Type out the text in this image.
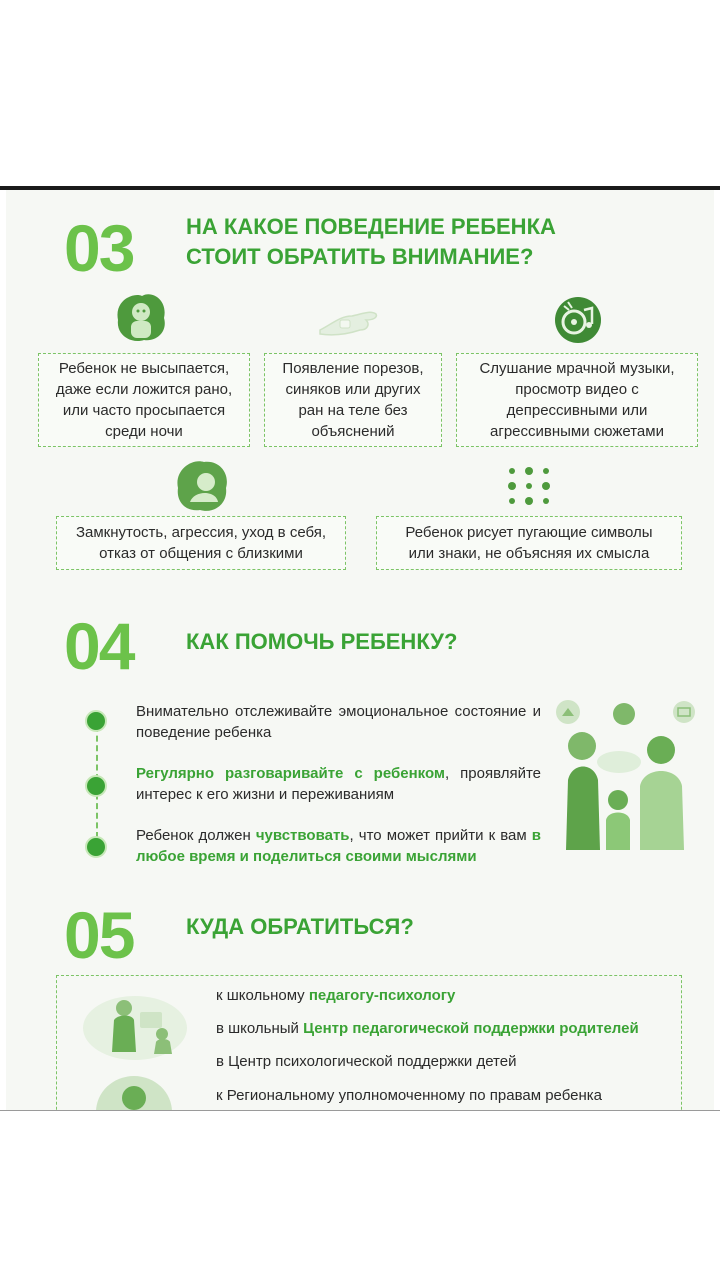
03 НА КАКОЕ ПОВЕДЕНИЕ РЕБЕНКА
СТОИТ ОБРАТИТЬ ВНИМАНИЕ?
Ребенок не высыпается,
даже если ложится рано,
или часто просыпается
среди ночи
Появление порезов,
синяков или других
ран на теле без
объяснений
Слушание мрачной музыки,
просмотр видео с
депрессивными или
агрессивными сюжетами
Замкнутость, агрессия, уход в себя,
отказ от общения с близкими
Ребенок рисует пугающие символы
или знаки, не объясняя их смысла
04 КАК ПОМОЧЬ РЕБЕНКУ?
Внимательно отслеживайте эмоциональное состояние и поведение ребенка
Регулярно разговаривайте с ребенком, проявляйте интерес к его жизни и переживаниям
Ребенок должен чувствовать, что может прийти к вам в любое время и поделиться своими мыслями
05 КУДА ОБРАТИТЬСЯ?
к школьному педагогу-психологу
в школьный Центр педагогической поддержки родителей
в Центр психологической поддержки детей
к Региональному уполномоченному по правам ребенка
